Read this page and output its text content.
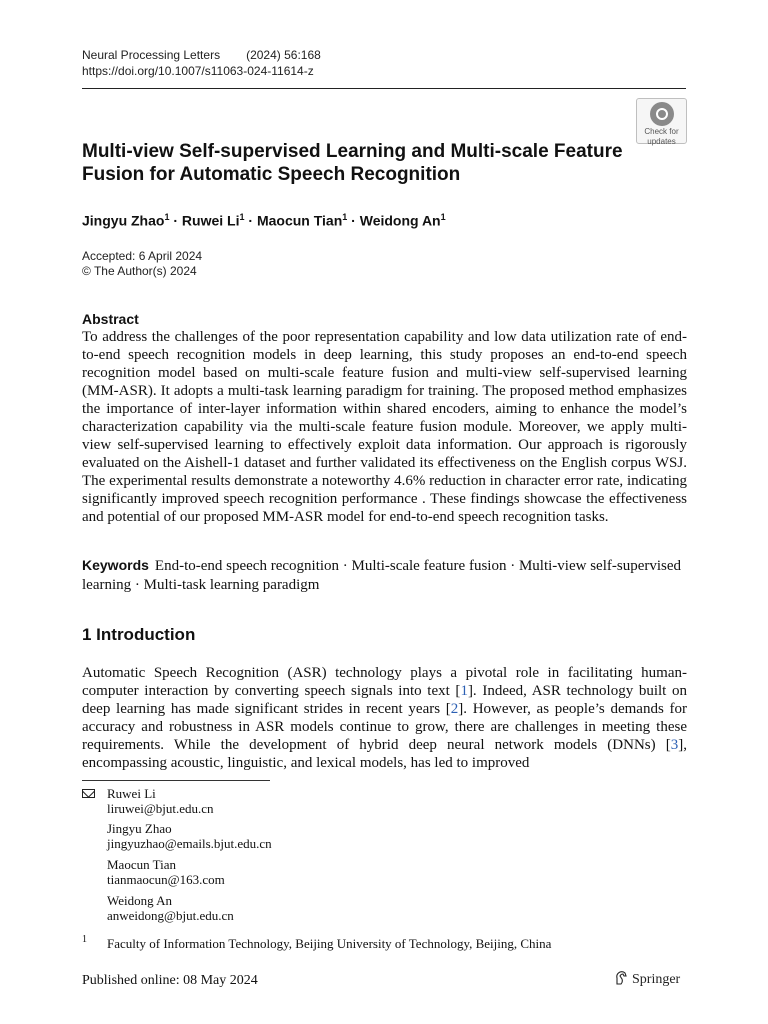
Neural Processing Letters (2024) 56:168
https://doi.org/10.1007/s11063-024-11614-z
Check for
updates
Multi-view Self-supervised Learning and Multi-scale Feature Fusion for Automatic Speech Recognition
Jingyu Zhao$^1$ · Ruwei $Li^1$ · Maocun Tian$^1$ · Weidong An$^1$
Accepted: 6 April 2024
© The Author(s) 2024
Abstract
To address the challenges of the poor representation capability and low data utilization rate of end-to-end speech recognition models in deep learning, this study proposes an end-to-end speech recognition model based on multi-scale feature fusion and multi-view self-supervised learning (MM-ASR). It adopts a multi-task learning paradigm for training. The proposed method emphasizes the importance of inter-layer information within shared encoders, aiming to enhance the model’s characterization capability via the multi-scale feature fusion module. Moreover, we apply multi-view self-supervised learning to effectively exploit data information. Our approach is rigorously evaluated on the Aishell-1 dataset and further validated its effectiveness on the English corpus WSJ. The experimental results demonstrate a noteworthy 4.6% reduction in character error rate, indicating significantly improved speech recognition performance . These findings showcase the effectiveness and potential of our proposed MM-ASR model for end-to-end speech recognition tasks.
Keywords End-to-end speech recognition · Multi-scale feature fusion · Multi-view self-supervised learning · Multi-task learning paradigm
1 Introduction
Automatic Speech Recognition (ASR) technology plays a pivotal role in facilitating human-computer interaction by converting speech signals into text [1]. Indeed, ASR technology built on deep learning has made significant strides in recent years [2]. However, as people’s demands for accuracy and robustness in ASR models continue to grow, there are challenges in meeting these requirements. While the development of hybrid deep neural network models (DNNs) [3], encompassing acoustic, linguistic, and lexical models, has led to improved
Ruwei Li
liruwei@bjut.edu.cn
Jingyu Zhao
jingyuzhao@emails.bjut.edu.cn
Maocun Tian
tianmaocun@163.com
Weidong An
anweidong@bjut.edu.cn
1 Faculty of Information Technology, Beijing University of Technology, Beijing, China
Published online: 08 May 2024	Springer
